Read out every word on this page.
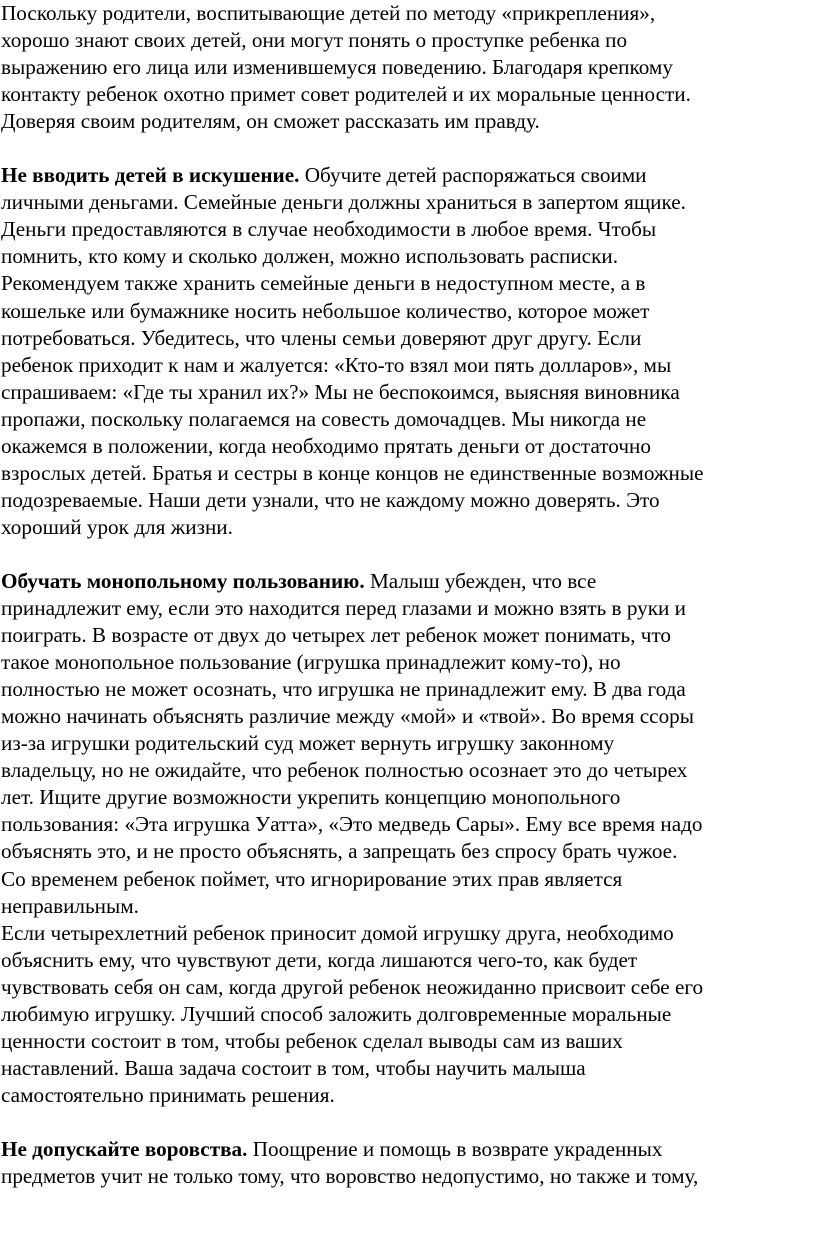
Поскольку родители, воспитывающие детей по методу «прикрепления»,
хорошо знают своих детей, они могут понять о проступке ребенка по
выражению его лица или изменившемуся поведению. Благодаря крепкому
контакту ребенок охотно примет совет родителей и их моральные ценности.
Доверяя своим родителям, он сможет рассказать им правду.
Не вводить детей в искушение. Обучите детей распоряжаться своими
личными деньгами. Семейные деньги должны храниться в запертом ящике.
Деньги предоставляются в случае необходимости в любое время. Чтобы
помнить, кто кому и сколько должен, можно использовать расписки.
Рекомендуем также хранить семейные деньги в недоступном месте, а в
кошельке или бумажнике носить небольшое количество, которое может
потребоваться. Убедитесь, что члены семьи доверяют друг другу. Если
ребенок приходит к нам и жалуется: «Кто-то взял мои пять долларов», мы
спрашиваем: «Где ты хранил их?» Мы не беспокоимся, выясняя виновника
пропажи, поскольку полагаемся на совесть домочадцев. Мы никогда не
окажемся в положении, когда необходимо прятать деньги от достаточно
взрослых детей. Братья и сестры в конце концов не единственные возможные
подозреваемые. Наши дети узнали, что не каждому можно доверять. Это
хороший урок для жизни.
Обучать монопольному пользованию. Малыш убежден, что все
принадлежит ему, если это находится перед глазами и можно взять в руки и
поиграть. В возрасте от двух до четырех лет ребенок может понимать, что
такое монопольное пользование (игрушка принадлежит кому-то), но
полностью не может осознать, что игрушка не принадлежит ему. В два года
можно начинать объяснять различие между «мой» и «твой». Во время ссоры
из-за игрушки родительский суд может вернуть игрушку законному
владельцу, но не ожидайте, что ребенок полностью осознает это до четырех
лет. Ищите другие возможности укрепить концепцию монопольного
пользования: «Эта игрушка Уатта», «Это медведь Сары». Ему все время надо
объяснять это, и не просто объяснять, а запрещать без спросу брать чужое.
Со временем ребенок поймет, что игнорирование этих прав является
неправильным.
Если четырехлетний ребенок приносит домой игрушку друга, необходимо
объяснить ему, что чувствуют дети, когда лишаются чего-то, как будет
чувствовать себя он сам, когда другой ребенок неожиданно присвоит себе его
любимую игрушку. Лучший способ заложить долговременные моральные
ценности состоит в том, чтобы ребенок сделал выводы сам из ваших
наставлений. Ваша задача состоит в том, чтобы научить малыша
самостоятельно принимать решения.
Не допускайте воровства. Поощрение и помощь в возврате украденных
предметов учит не только тому, что воровство недопустимо, но также и тому,
